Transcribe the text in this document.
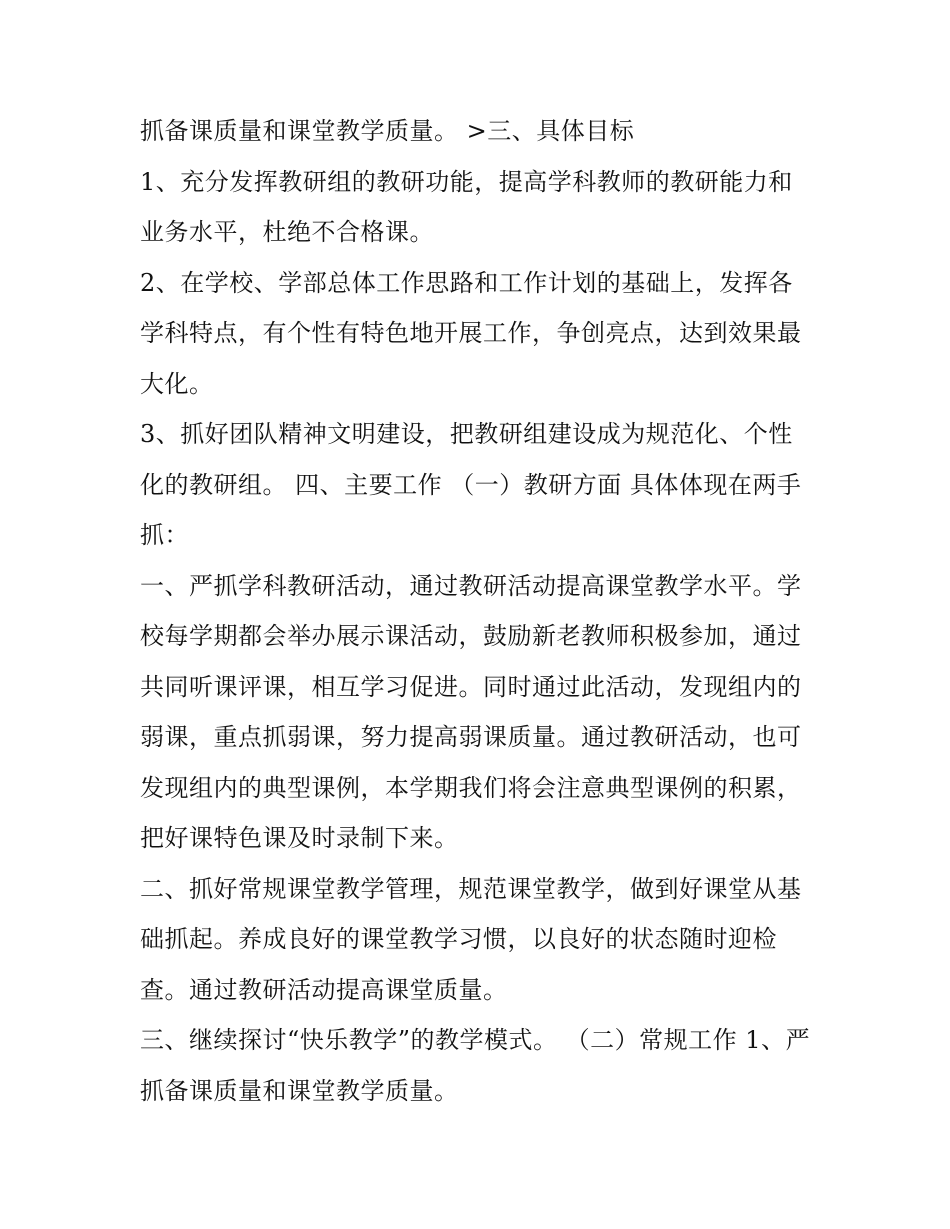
抓备课质量和课堂教学质量。 >三、具体目标
1、充分发挥教研组的教研功能，提高学科教师的教研能力和
业务水平，杜绝不合格课。
2、在学校、学部总体工作思路和工作计划的基础上，发挥各
学科特点，有个性有特色地开展工作，争创亮点，达到效果最
大化。
3、抓好团队精神文明建设，把教研组建设成为规范化、个性
化的教研组。 四、主要工作 （一）教研方面 具体体现在两手
抓：
一、严抓学科教研活动，通过教研活动提高课堂教学水平。学
校每学期都会举办展示课活动，鼓励新老教师积极参加，通过
共同听课评课，相互学习促进。同时通过此活动，发现组内的
弱课，重点抓弱课，努力提高弱课质量。通过教研活动，也可
发现组内的典型课例，本学期我们将会注意典型课例的积累，
把好课特色课及时录制下来。
二、抓好常规课堂教学管理，规范课堂教学，做到好课堂从基
础抓起。养成良好的课堂教学习惯，以良好的状态随时迎检
查。通过教研活动提高课堂质量。
三、继续探讨“快乐教学”的教学模式。 （二）常规工作 1、严
抓备课质量和课堂教学质量。
